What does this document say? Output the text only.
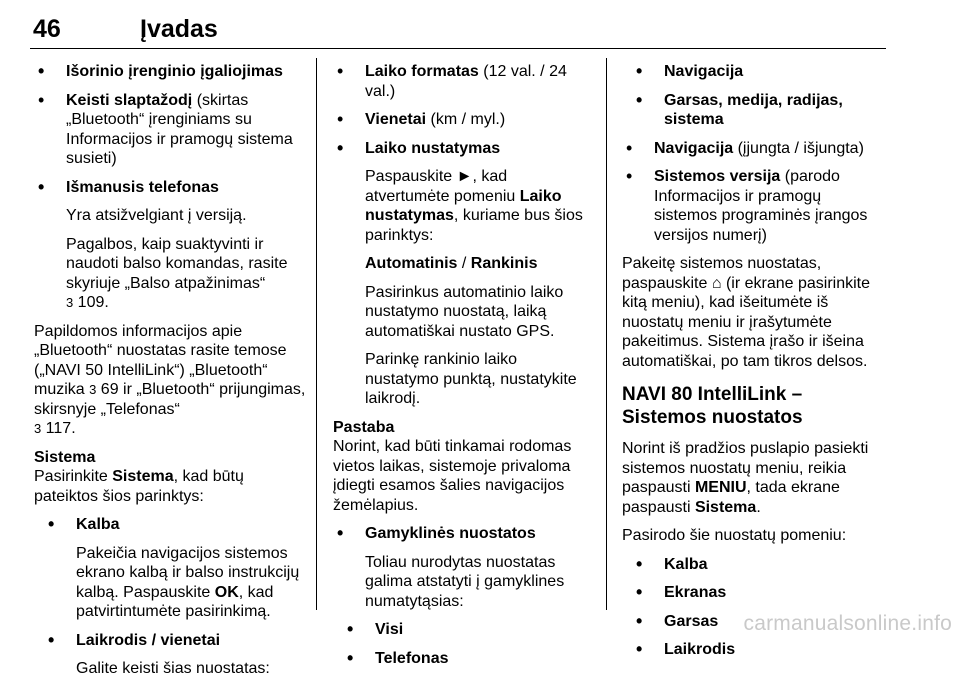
46	Įvadas
• Išorinio įrenginio įgaliojimas
• Keisti slaptažodį (skirtas „Bluetooth“ įrenginiams su Informacijos ir pramogų sistema susieti)
• Išmanusis telefonas
Yra atsižvelgiant į versiją.
Pagalbos, kaip suaktyvinti ir naudoti balso komandas, rasite skyriuje „Balso atpažinimas“
3 109.
Papildomos informacijos apie „Bluetooth“ nuostatas rasite temose („NAVI 50 IntelliLink“) „Bluetooth“ muzika 3 69 ir „Bluetooth“ prijungimas, skirsnyje „Telefonas“
3 117.
Sistema
Pasirinkite Sistema, kad būtų pateiktos šios parinktys:
• Kalba
Pakeičia navigacijos sistemos ekrano kalbą ir balso instrukcijų kalbą. Paspauskite OK, kad patvirtintumėte pasirinkimą.
• Laikrodis / vienetai
Galite keisti šias nuostatas:
• Laiko formatas (12 val. / 24 val.)
• Vienetai (km / myl.)
• Laiko nustatymas
Paspauskite ►, kad atvertumėte pomeniu Laiko nustatymas, kuriame bus šios parinktys:
Automatinis / Rankinis
Pasirinkus automatinio laiko nustatymo nuostatą, laiką automatiškai nustato GPS.
Parinkę rankinio laiko nustatymo punktą, nustatykite laikrodį.
Pastaba
Norint, kad būti tinkamai rodomas vietos laikas, sistemoje privaloma įdiegti esamos šalies navigacijos žemėlapius.
• Gamyklinės nuostatos
Toliau nurodytas nuostatas galima atstatyti į gamyklines numatytąsias:
• Visi
• Telefonas
• Navigacija
• Garsas, medija, radijas, sistema
• Navigacija (įjungta / išjungta)
• Sistemos versija (parodo Informacijos ir pramogų sistemos programinės įrangos versijos numerį)
Pakeitę sistemos nuostatas, paspauskite ⌂ (ir ekrane pasirinkite kitą meniu), kad išeitumėte iš nuostatų meniu ir įrašytumėte pakeitimus. Sistema įrašo ir išeina automatiškai, po tam tikros delsos.
NAVI 80 IntelliLink – Sistemos nuostatos
Norint iš pradžios puslapio pasiekti sistemos nuostatų meniu, reikia paspausti MENIU, tada ekrane paspausti Sistema.
Pasirodo šie nuostatų pomeniu:
• Kalba
• Ekranas
• Garsas
• Laikrodis
carmanualsonline.info
